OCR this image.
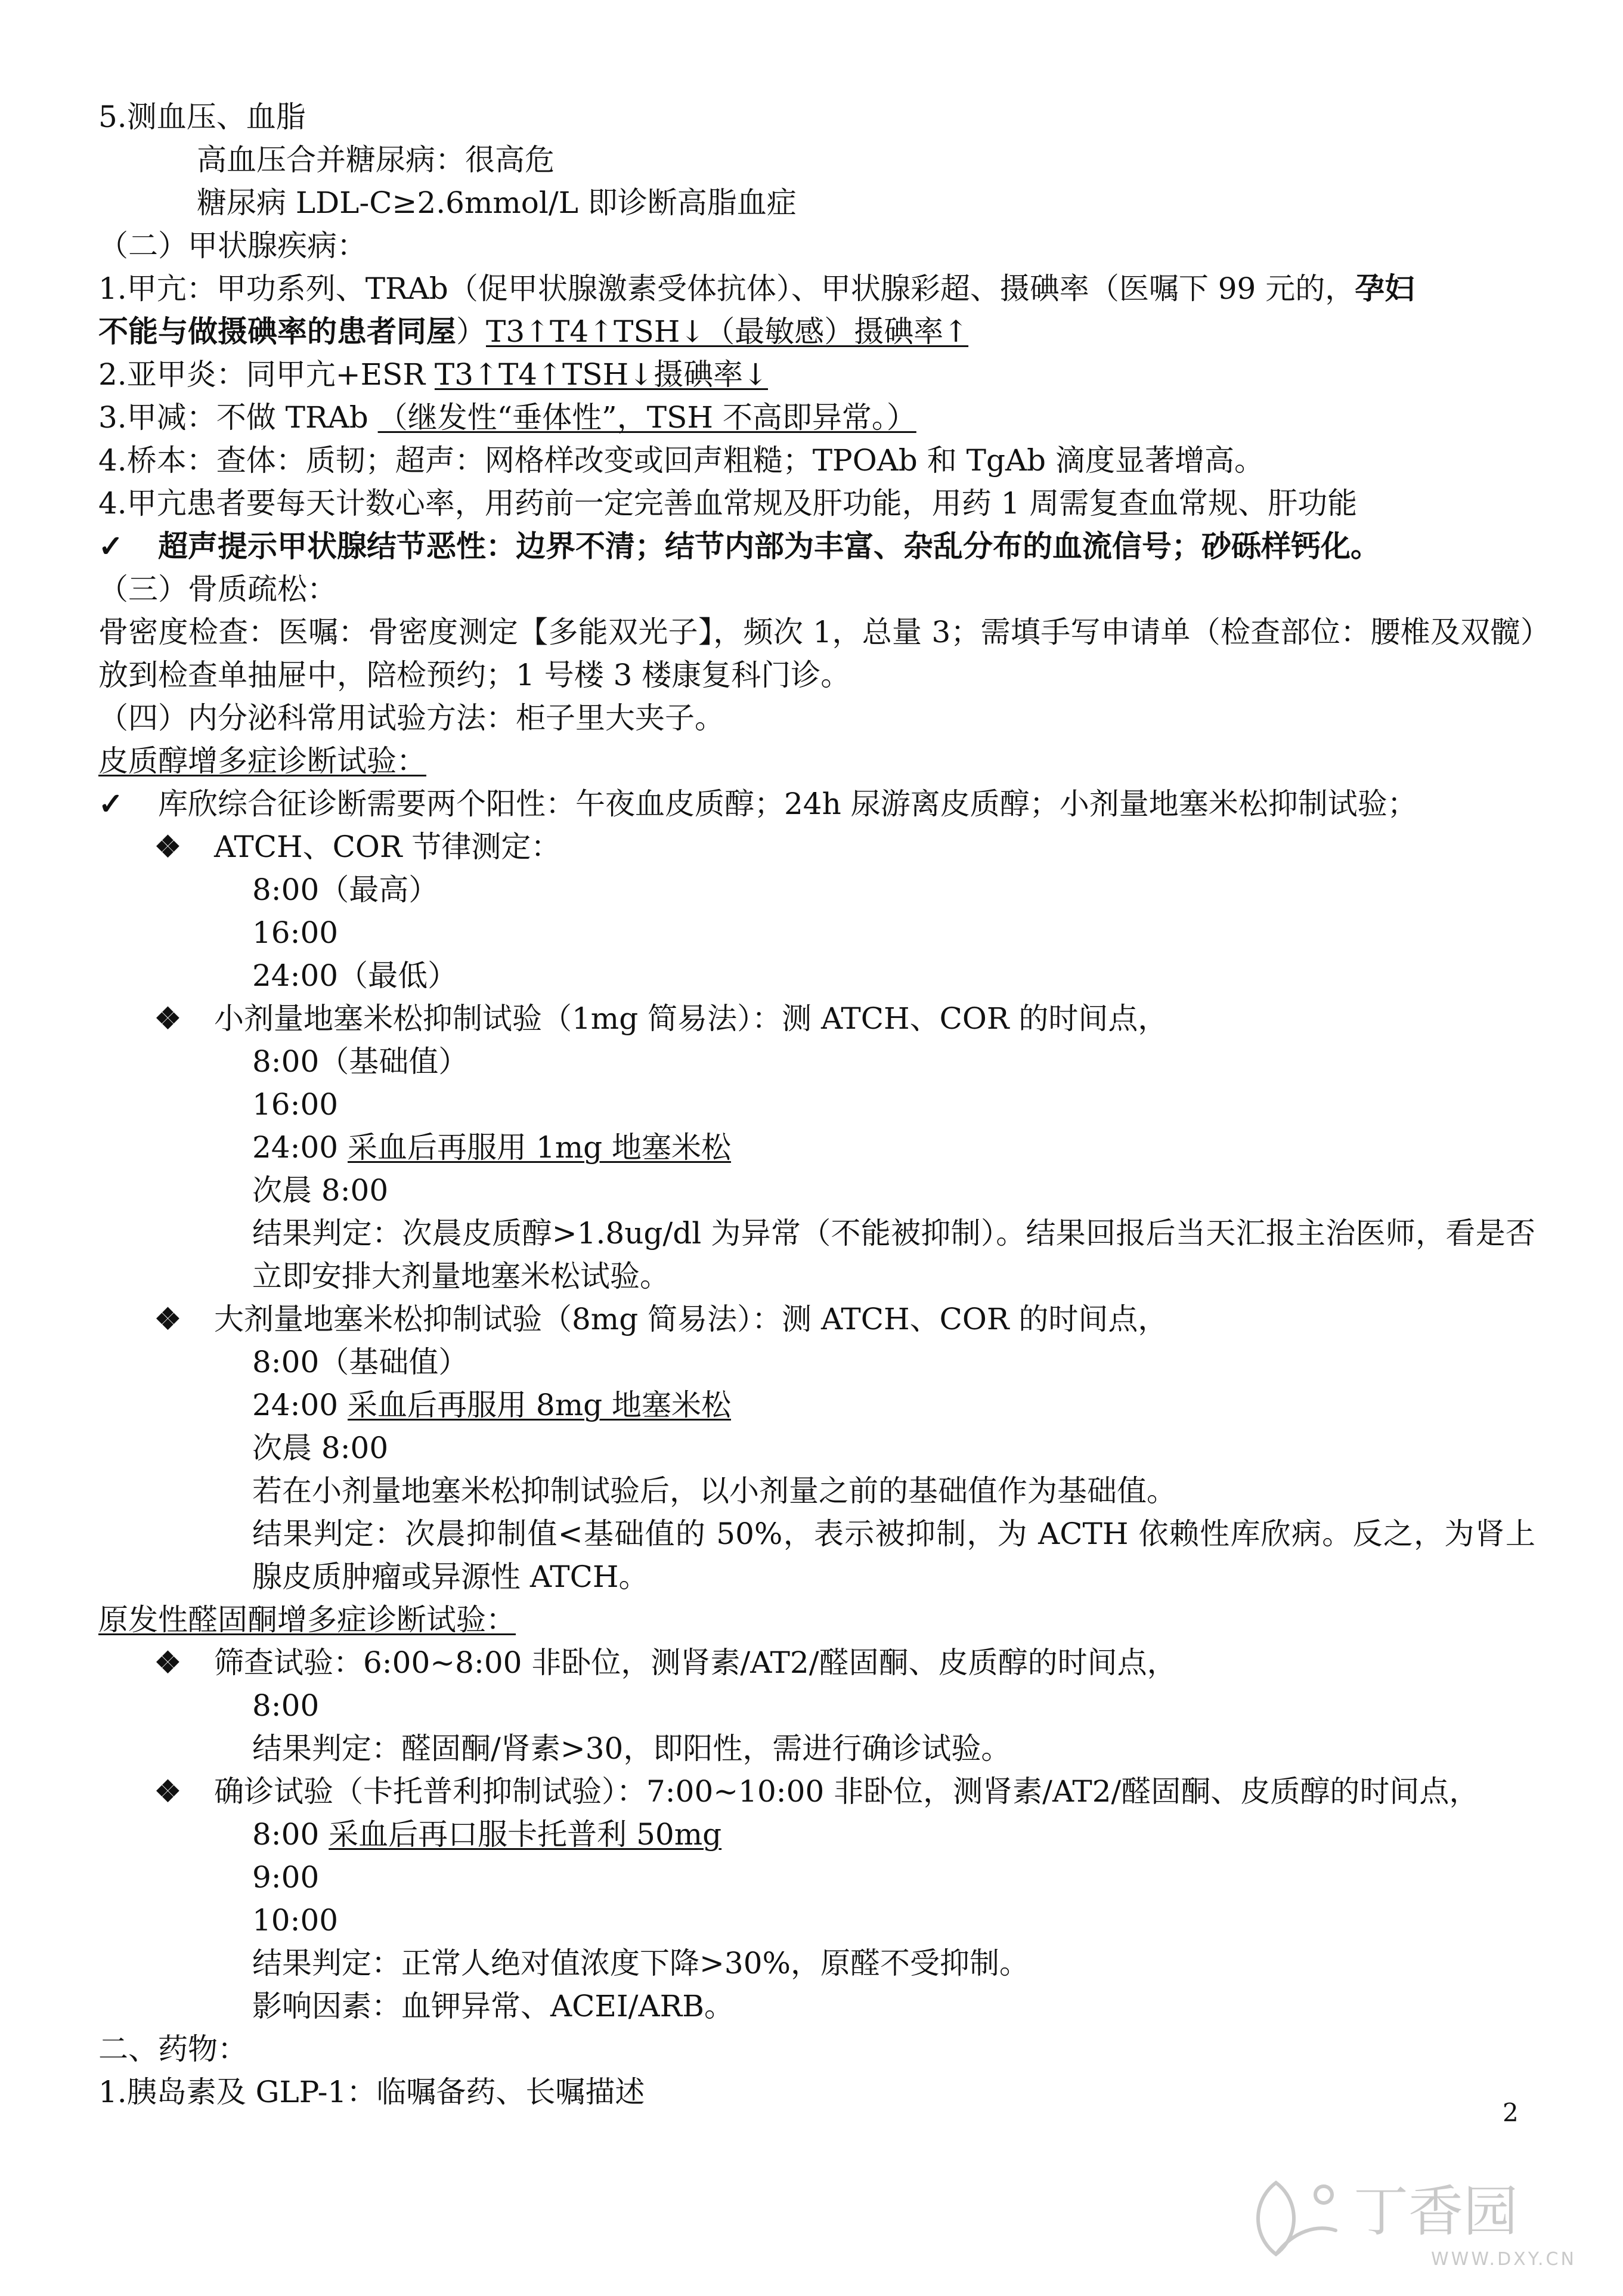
5.测血压、血脂
高血压合并糖尿病：很高危
糖尿病 LDL-C≥2.6mmol/L 即诊断高脂血症
（二）甲状腺疾病：
1.甲亢：甲功系列、TRAb（促甲状腺激素受体抗体）、甲状腺彩超、摄碘率（医嘱下 99 元的，孕妇
不能与做摄碘率的患者同屋）T3↑T4↑TSH↓（最敏感）摄碘率↑
2.亚甲炎：同甲亢+ESR T3↑T4↑TSH↓摄碘率↓
3.甲减：不做 TRAb （继发性“垂体性”，TSH 不高即异常。）
4.桥本：查体：质韧；超声：网格样改变或回声粗糙；TPOAb 和 TgAb 滴度显著增高。
4.甲亢患者要每天计数心率，用药前一定完善血常规及肝功能，用药 1 周需复查血常规、肝功能
✓ 超声提示甲状腺结节恶性：边界不清；结节内部为丰富、杂乱分布的血流信号；砂砾样钙化。
（三）骨质疏松：
骨密度检查：医嘱：骨密度测定【多能双光子】，频次 1，总量 3；需填手写申请单（检查部位：腰椎及双髋）放到检查单抽屉中，陪检预约；1 号楼 3 楼康复科门诊。
（四）内分泌科常用试验方法：柜子里大夹子。
皮质醇增多症诊断试验：
✓ 库欣综合征诊断需要两个阳性：午夜血皮质醇；24h 尿游离皮质醇；小剂量地塞米松抑制试验；
❖ ATCH、COR 节律测定：
8:00（最高）
16:00
24:00（最低）
❖ 小剂量地塞米松抑制试验（1mg 简易法）：测 ATCH、COR 的时间点，
8:00（基础值）
16:00
24:00 采血后再服用 1mg 地塞米松
次晨 8:00
结果判定：次晨皮质醇>1.8ug/dl 为异常（不能被抑制）。结果回报后当天汇报主治医师，看是否立即安排大剂量地塞米松试验。
❖ 大剂量地塞米松抑制试验（8mg 简易法）：测 ATCH、COR 的时间点，
8:00（基础值）
24:00 采血后再服用 8mg 地塞米松
次晨 8:00
若在小剂量地塞米松抑制试验后，以小剂量之前的基础值作为基础值。
结果判定：次晨抑制值<基础值的 50%，表示被抑制，为 ACTH 依赖性库欣病。反之，为肾上腺皮质肿瘤或异源性 ATCH。
原发性醛固酮增多症诊断试验：
❖ 筛查试验：6:00~8:00 非卧位，测肾素/AT2/醛固酮、皮质醇的时间点，
8:00
结果判定：醛固酮/肾素>30，即阳性，需进行确诊试验。
❖ 确诊试验（卡托普利抑制试验）：7:00~10:00 非卧位，测肾素/AT2/醛固酮、皮质醇的时间点，
8:00 采血后再口服卡托普利 50mg
9:00
10:00
结果判定：正常人绝对值浓度下降>30%，原醛不受抑制。
影响因素：血钾异常、ACEI/ARB。
二、药物：
1.胰岛素及 GLP-1：临嘱备药、长嘱描述
2
丁香园
WWW.DXY.CN
